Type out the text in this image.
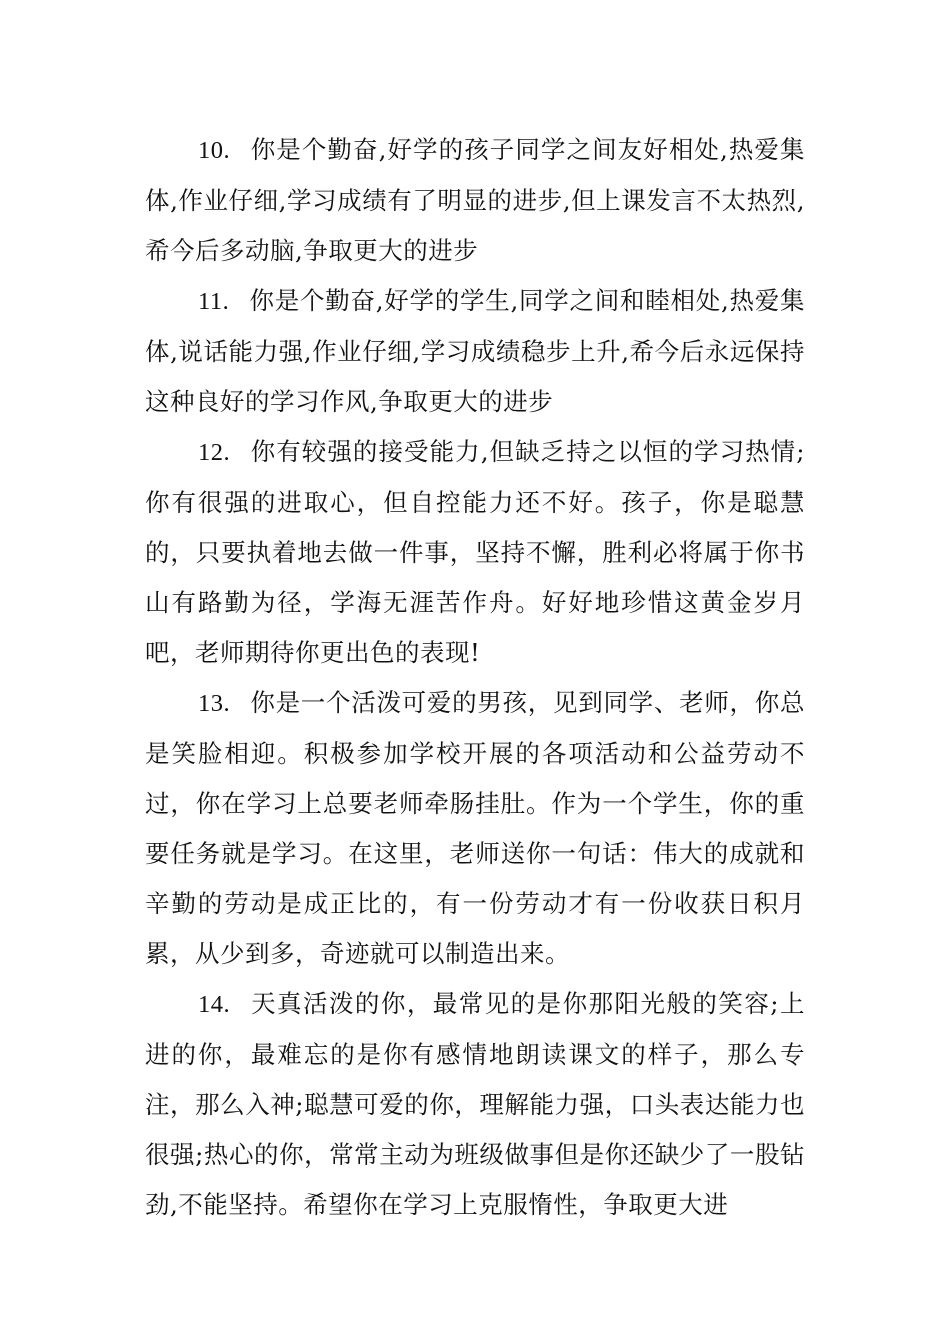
10. 你是个勤奋,好学的孩子同学之间友好相处,热爱集体,作业仔细,学习成绩有了明显的进步,但上课发言不太热烈,希今后多动脑,争取更大的进步

11. 你是个勤奋,好学的学生,同学之间和睦相处,热爱集体,说话能力强,作业仔细,学习成绩稳步上升,希今后永远保持这种良好的学习作风,争取更大的进步

12. 你有较强的接受能力,但缺乏持之以恒的学习热情;你有很强的进取心，但自控能力还不好。孩子，你是聪慧的，只要执着地去做一件事，坚持不懈，胜利必将属于你书山有路勤为径，学海无涯苦作舟。好好地珍惜这黄金岁月吧，老师期待你更出色的表现!

13. 你是一个活泼可爱的男孩，见到同学、老师，你总是笑脸相迎。积极参加学校开展的各项活动和公益劳动不过，你在学习上总要老师牵肠挂肚。作为一个学生，你的重要任务就是学习。在这里，老师送你一句话：伟大的成就和辛勤的劳动是成正比的，有一份劳动才有一份收获日积月累，从少到多，奇迹就可以制造出来。

14. 天真活泼的你，最常见的是你那阳光般的笑容;上进的你，最难忘的是你有感情地朗读课文的样子，那么专注，那么入神;聪慧可爱的你，理解能力强，口头表达能力也很强;热心的你，常常主动为班级做事但是你还缺少了一股钻劲,不能坚持。希望你在学习上克服惰性，争取更大进
